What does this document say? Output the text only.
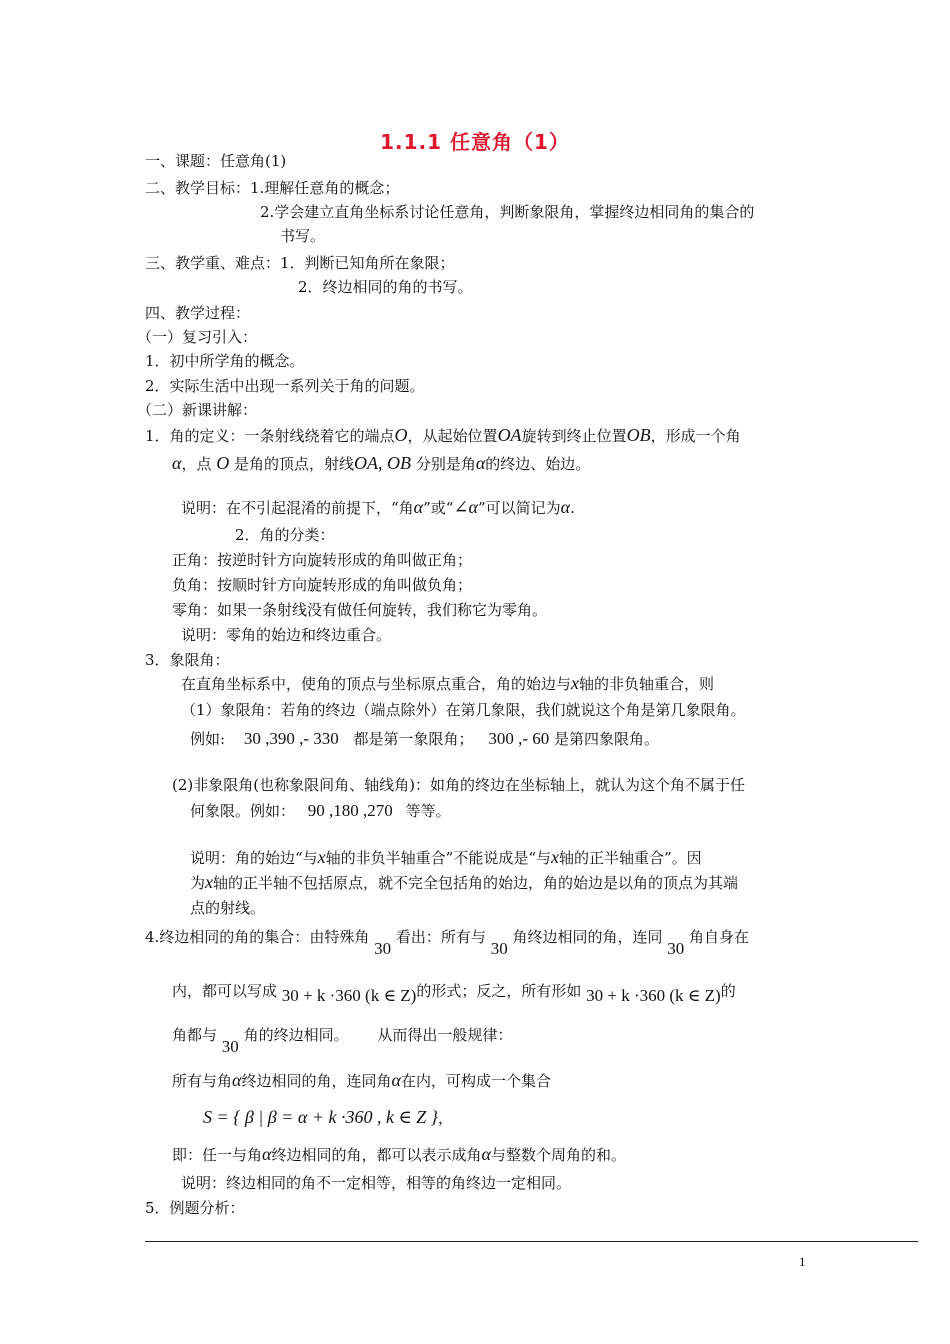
1.1.1 任意角（1）
一、课题：任意角(1)
二、教学目标：1.理解任意角的概念；
2.学会建立直角坐标系讨论任意角，判断象限角，掌握终边相同角的集合的
书写。
三、教学重、难点：1．判断已知角所在象限；
2．终边相同的角的书写。
四、教学过程：
（一）复习引入：
1．初中所学角的概念。
2．实际生活中出现一系列关于角的问题。
（二）新课讲解：
1．角的定义：一条射线绕着它的端点O，从起始位置OA旋转到终止位置OB，形成一个角
α，点 O 是角的顶点，射线OA, OB 分别是角α的终边、始边。
说明：在不引起混淆的前提下，“角α”或“∠α”可以简记为α.
2．角的分类：
正角：按逆时针方向旋转形成的角叫做正角；
负角：按顺时针方向旋转形成的角叫做负角；
零角：如果一条射线没有做任何旋转，我们称它为零角。
说明：零角的始边和终边重合。
3．象限角：
在直角坐标系中，使角的顶点与坐标原点重合，角的始边与x轴的非负轴重合，则
（1）象限角：若角的终边（端点除外）在第几象限，我们就说这个角是第几象限角。
例如: 30 ,390 ,- 330 都是第一象限角； 300 ,- 60 是第四象限角。
(2)非象限角(也称象限间角、轴线角)：如角的终边在坐标轴上，就认为这个角不属于任
何象限。例如： 90 ,180 ,270 等等。
说明：角的始边“与x轴的非负半轴重合”不能说成是“与x轴的正半轴重合”。因
为x轴的正半轴不包括原点，就不完全包括角的始边，角的始边是以角的顶点为其端
点的射线。
4.终边相同的角的集合：由特殊角 30 看出：所有与 30 角终边相同的角，连同 30 角自身在
内，都可以写成 30 + k ·360 (k ∈ Z)的形式；反之，所有形如 30 + k ·360 (k ∈ Z)的
角都与 30 角的终边相同。 从而得出一般规律：
所有与角α终边相同的角，连同角α在内，可构成一个集合
S = { β | β = α + k ·360 , k ∈ Z }，
即：任一与角α终边相同的角，都可以表示成角α与整数个周角的和。
说明：终边相同的角不一定相等，相等的角终边一定相同。
5．例题分析：
1
